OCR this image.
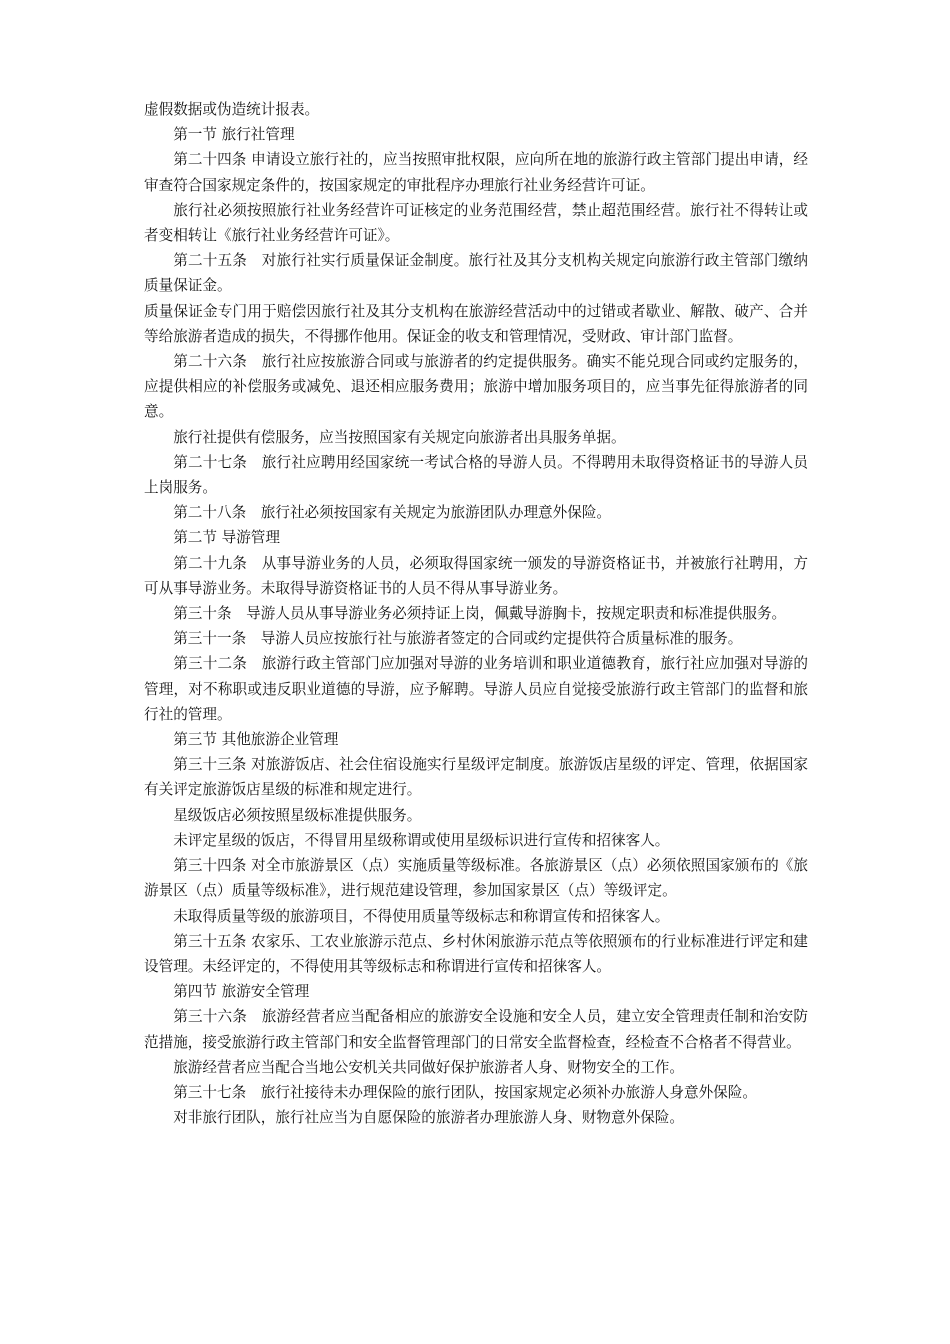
虚假数据或伪造统计报表。

第一节 旅行社管理

第二十四条 申请设立旅行社的，应当按照审批权限，应向所在地的旅游行政主管部门提出申请，经审查符合国家规定条件的，按国家规定的审批程序办理旅行社业务经营许可证。

旅行社必须按照旅行社业务经营许可证核定的业务范围经营，禁止超范围经营。旅行社不得转让或者变相转让《旅行社业务经营许可证》。

第二十五条　对旅行社实行质量保证金制度。旅行社及其分支机构关规定向旅游行政主管部门缴纳质量保证金。

质量保证金专门用于赔偿因旅行社及其分支机构在旅游经营活动中的过错或者歇业、解散、破产、合并等给旅游者造成的损失，不得挪作他用。保证金的收支和管理情况，受财政、审计部门监督。

第二十六条　旅行社应按旅游合同或与旅游者的约定提供服务。确实不能兑现合同或约定服务的，应提供相应的补偿服务或减免、退还相应服务费用；旅游中增加服务项目的，应当事先征得旅游者的同意。

旅行社提供有偿服务，应当按照国家有关规定向旅游者出具服务单据。

第二十七条　旅行社应聘用经国家统一考试合格的导游人员。不得聘用未取得资格证书的导游人员上岗服务。

第二十八条　旅行社必须按国家有关规定为旅游团队办理意外保险。

第二节 导游管理

第二十九条　从事导游业务的人员，必须取得国家统一颁发的导游资格证书，并被旅行社聘用，方可从事导游业务。未取得导游资格证书的人员不得从事导游业务。

第三十条　导游人员从事导游业务必须持证上岗，佩戴导游胸卡，按规定职责和标准提供服务。

第三十一条　导游人员应按旅行社与旅游者签定的合同或约定提供符合质量标准的服务。

第三十二条　旅游行政主管部门应加强对导游的业务培训和职业道德教育，旅行社应加强对导游的管理，对不称职或违反职业道德的导游，应予解聘。导游人员应自觉接受旅游行政主管部门的监督和旅行社的管理。

第三节 其他旅游企业管理

第三十三条 对旅游饭店、社会住宿设施实行星级评定制度。旅游饭店星级的评定、管理，依据国家有关评定旅游饭店星级的标准和规定进行。

星级饭店必须按照星级标准提供服务。

未评定星级的饭店，不得冒用星级称谓或使用星级标识进行宣传和招徕客人。

第三十四条 对全市旅游景区（点）实施质量等级标准。各旅游景区（点）必须依照国家颁布的《旅游景区（点）质量等级标准》，进行规范建设管理，参加国家景区（点）等级评定。

未取得质量等级的旅游项目，不得使用质量等级标志和称谓宣传和招徕客人。

第三十五条 农家乐、工农业旅游示范点、乡村休闲旅游示范点等依照颁布的行业标准进行评定和建设管理。未经评定的，不得使用其等级标志和称谓进行宣传和招徕客人。

第四节 旅游安全管理

第三十六条　旅游经营者应当配备相应的旅游安全设施和安全人员，建立安全管理责任制和治安防范措施，接受旅游行政主管部门和安全监督管理部门的日常安全监督检查，经检查不合格者不得营业。

旅游经营者应当配合当地公安机关共同做好保护旅游者人身、财物安全的工作。

第三十七条　旅行社接待未办理保险的旅行团队，按国家规定必须补办旅游人身意外保险。

对非旅行团队，旅行社应当为自愿保险的旅游者办理旅游人身、财物意外保险。
